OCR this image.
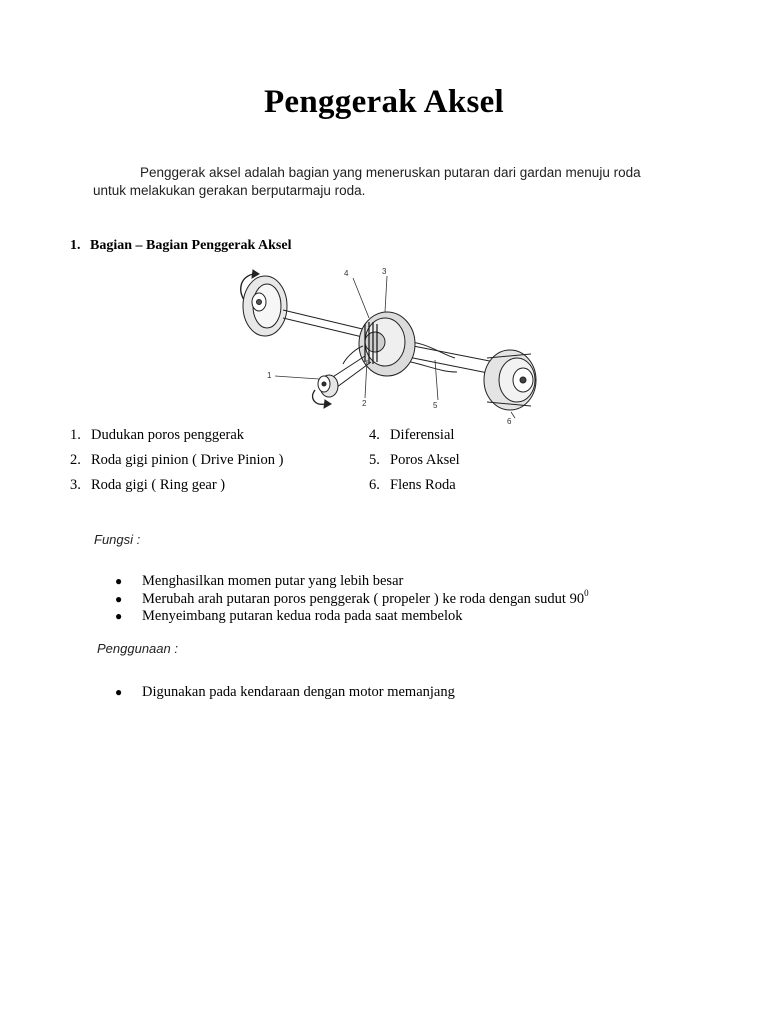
Penggerak Aksel
Penggerak aksel adalah bagian yang meneruskan putaran dari gardan menuju roda untuk melakukan gerakan berputarmaju roda.
1. Bagian – Bagian Penggerak Aksel
1
2
3
4
5
6
1. Dudukan poros penggerak
2. Roda gigi pinion ( Drive Pinion )
3. Roda gigi ( Ring gear )
4. Diferensial
5. Poros Aksel
6. Flens Roda
Fungsi :
● Menghasilkan momen putar yang lebih besar
● Merubah arah putaran poros penggerak ( propeler ) ke roda dengan sudut $90^0$
● Menyeimbang putaran kedua roda pada saat membelok
Penggunaan :
● Digunakan pada kendaraan dengan motor memanjang
